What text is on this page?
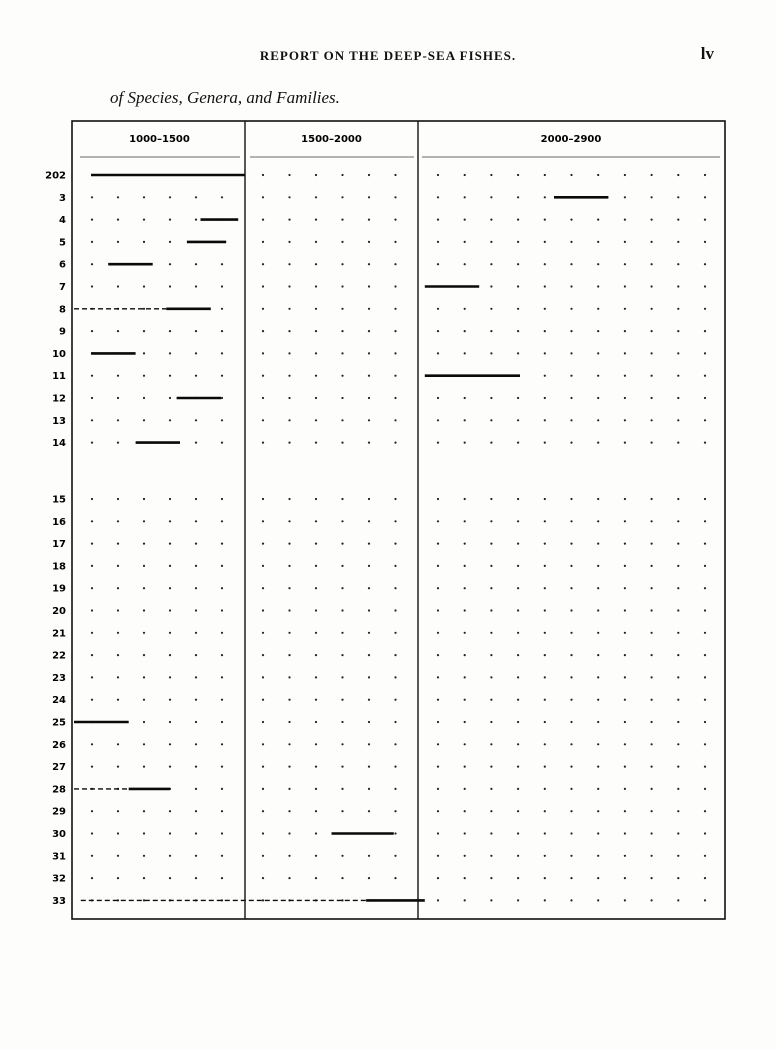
REPORT ON THE DEEP-SEA FISHES.	lv
of Species, Genera, and Families.
1000–1500	1500–2000	2000–2900
202
3
4
5
6
7
8
9
10
11
12
13
14
15
16
17
18
19
20
21
22
23
24
25
26
27
28
29
30
31
32
33
